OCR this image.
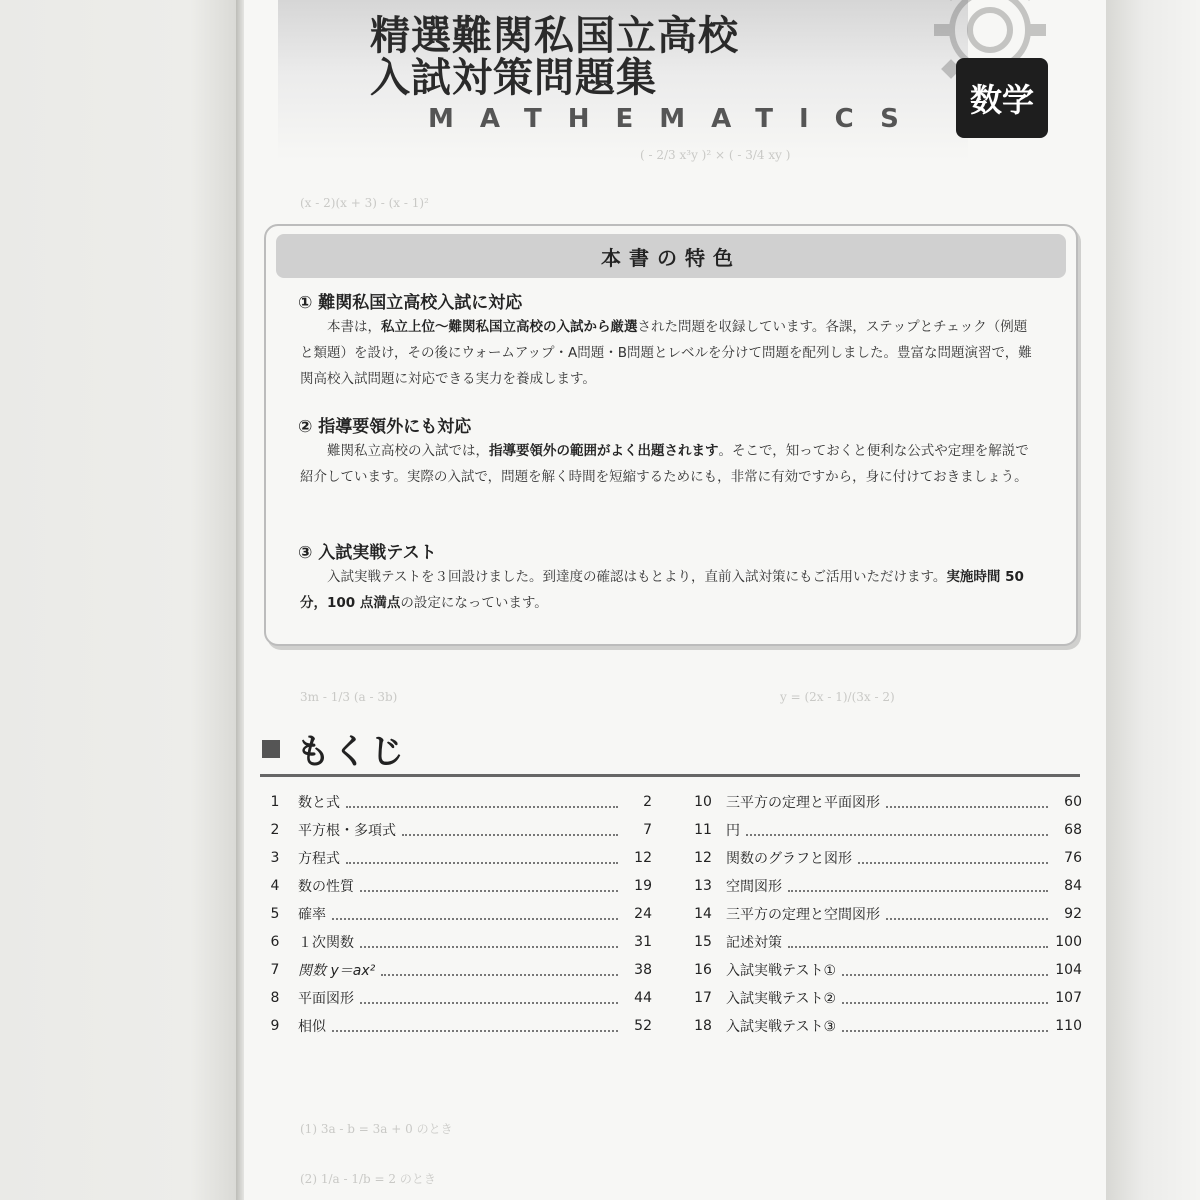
精選難関私国立高校
入試対策問題集
MATHEMATICS 数学
( - 2/3 x³y )² × ( - 3/4 xy )
(x - 2)(x + 3) - (x - 1)²
3m - 1/3 (a - 3b)	y = (2x - 1)/(3x - 2)
(1) 3a - b = 3a + 0 のとき
(2) 1/a - 1/b = 2 のとき
本書の特色
① 難関私国立高校入試に対応
本書は，私立上位〜難関私国立高校の入試から厳選された問題を収録しています。各課，ステップとチェック（例題と類題）を設け，その後にウォームアップ・A問題・B問題とレベルを分けて問題を配列しました。豊富な問題演習で，難関高校入試問題に対応できる実力を養成します。
② 指導要領外にも対応
難関私立高校の入試では，指導要領外の範囲がよく出題されます。そこで，知っておくと便利な公式や定理を解説で紹介しています。実際の入試で，問題を解く時間を短縮するためにも，非常に有効ですから，身に付けておきましょう。
③ 入試実戦テスト
入試実戦テストを３回設けました。到達度の確認はもとより，直前入試対策にもご活用いただけます。実施時間 50 分，100 点満点の設定になっています。
もくじ
1	数と式	2
2	平方根・多項式	7
3	方程式	12
4	数の性質	19
5	確率	24
6	１次関数	31
7	関数 y＝ax²	38
8	平面図形	44
9	相似	52
10	三平方の定理と平面図形	60
11	円	68
12	関数のグラフと図形	76
13	空間図形	84
14	三平方の定理と空間図形	92
15	記述対策	100
16	入試実戦テスト①	104
17	入試実戦テスト②	107
18	入試実戦テスト③	110
